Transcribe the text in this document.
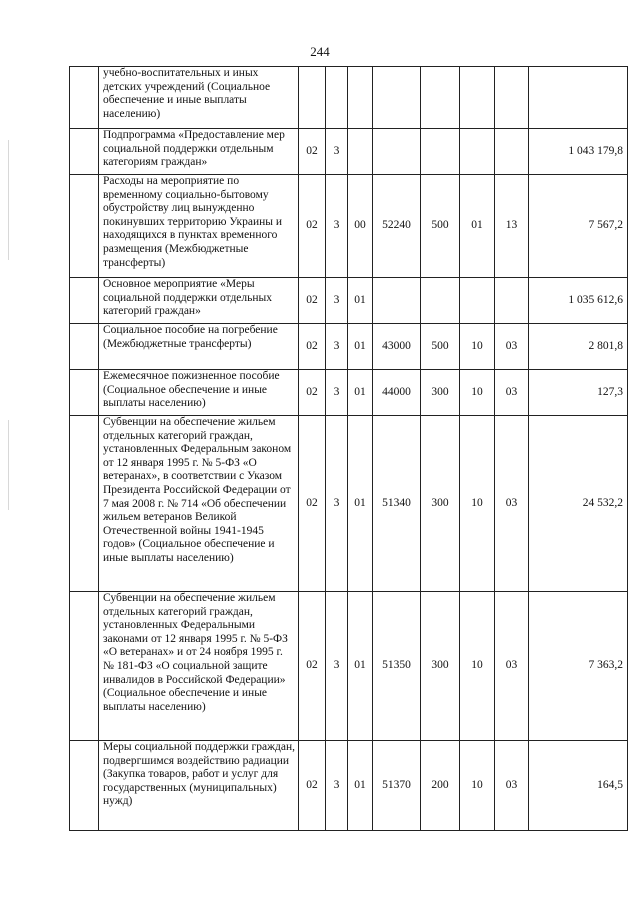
244
	учебно-воспитательных и иных детских учреждений (Социальное обеспечение и иные выплаты населению)								
	Подпрограмма «Предоставление мер социальной поддержки отдельным категориям граждан»	02	3						1 043 179,8
	Расходы на мероприятие по временному социально-бытовому обустройству лиц вынужденно покинувших территорию Украины и находящихся в пунктах временного размещения (Межбюджетные трансферты)	02	3	00	52240	500	01	13	7 567,2
	Основное мероприятие «Меры социальной поддержки отдельных категорий граждан»	02	3	01					1 035 612,6
	Социальное пособие на погребение (Межбюджетные трансферты)	02	3	01	43000	500	10	03	2 801,8
	Ежемесячное пожизненное пособие (Социальное обеспечение и иные выплаты населению)	02	3	01	44000	300	10	03	127,3
	Субвенции на обеспечение жильем отдельных категорий граждан, установленных Федеральным законом от 12 января 1995 г. № 5-ФЗ «О ветеранах», в соответствии с Указом Президента Российской Федерации от 7 мая 2008 г. № 714 «Об обеспечении жильем ветеранов Великой Отечественной войны 1941-1945 годов» (Социальное обеспечение и иные выплаты населению)	02	3	01	51340	300	10	03	24 532,2
	Субвенции на обеспечение жильем отдельных категорий граждан, установленных Федеральными законами от 12 января 1995 г. № 5-ФЗ «О ветеранах» и от 24 ноября 1995 г. № 181-ФЗ «О социальной защите инвалидов в Российской Федерации» (Социальное обеспечение и иные выплаты населению)	02	3	01	51350	300	10	03	7 363,2
	Меры социальной поддержки граждан, подвергшимся воздействию радиации (Закупка товаров, работ и услуг для государственных (муниципальных) нужд)	02	3	01	51370	200	10	03	164,5
